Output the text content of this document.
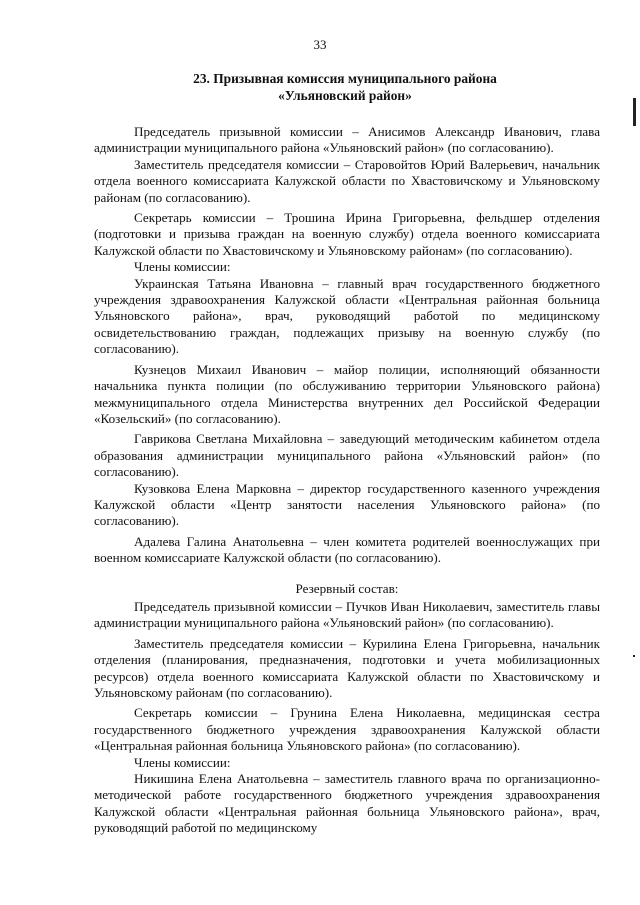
33
23. Призывная комиссия муниципального района
«Ульяновский район»

Председатель призывной комиссии – Анисимов Александр Иванович, глава администрации муниципального района «Ульяновский район» (по согласованию).

Заместитель председателя комиссии – Старовойтов Юрий Валерьевич, начальник отдела военного комиссариата Калужской области по Хвастовичскому и Ульяновскому районам (по согласованию).

Секретарь комиссии – Трошина Ирина Григорьевна, фельдшер отделения (подготовки и призыва граждан на военную службу) отдела военного комиссариата Калужской области по Хвастовичскому и Ульяновскому районам» (по согласованию).

Члены комиссии:

Украинская Татьяна Ивановна – главный врач государственного бюджетного учреждения здравоохранения Калужской области «Центральная районная больница Ульяновского района», врач, руководящий работой по медицинскому освидетельствованию граждан, подлежащих призыву на военную службу (по согласованию).

Кузнецов Михаил Иванович – майор полиции, исполняющий обязанности начальника пункта полиции (по обслуживанию территории Ульяновского района) межмуниципального отдела Министерства внутренних дел Российской Федерации «Козельский» (по согласованию).

Гаврикова Светлана Михайловна – заведующий методическим кабинетом отдела образования администрации муниципального района «Ульяновский район» (по согласованию).

Кузовкова Елена Марковна – директор государственного казенного учреждения Калужской области «Центр занятости населения Ульяновского района» (по согласованию).

Адалева Галина Анатольевна – член комитета родителей военнослужащих при военном комиссариате Калужской области (по согласованию).

Резервный состав:

Председатель призывной комиссии – Пучков Иван Николаевич, заместитель главы администрации муниципального района «Ульяновский район» (по согласованию).

Заместитель председателя комиссии – Курилина Елена Григорьевна, начальник отделения (планирования, предназначения, подготовки и учета мобилизационных ресурсов) отдела военного комиссариата Калужской области по Хвастовичскому и Ульяновскому районам (по согласованию).

Секретарь комиссии – Грунина Елена Николаевна, медицинская сестра государственного бюджетного учреждения здравоохранения Калужской области «Центральная районная больница Ульяновского района» (по согласованию).

Члены комиссии:

Никишина Елена Анатольевна – заместитель главного врача по организационно-методической работе государственного бюджетного учреждения здравоохранения Калужской области «Центральная районная больница Ульяновского района», врач, руководящий работой по медицинскому
